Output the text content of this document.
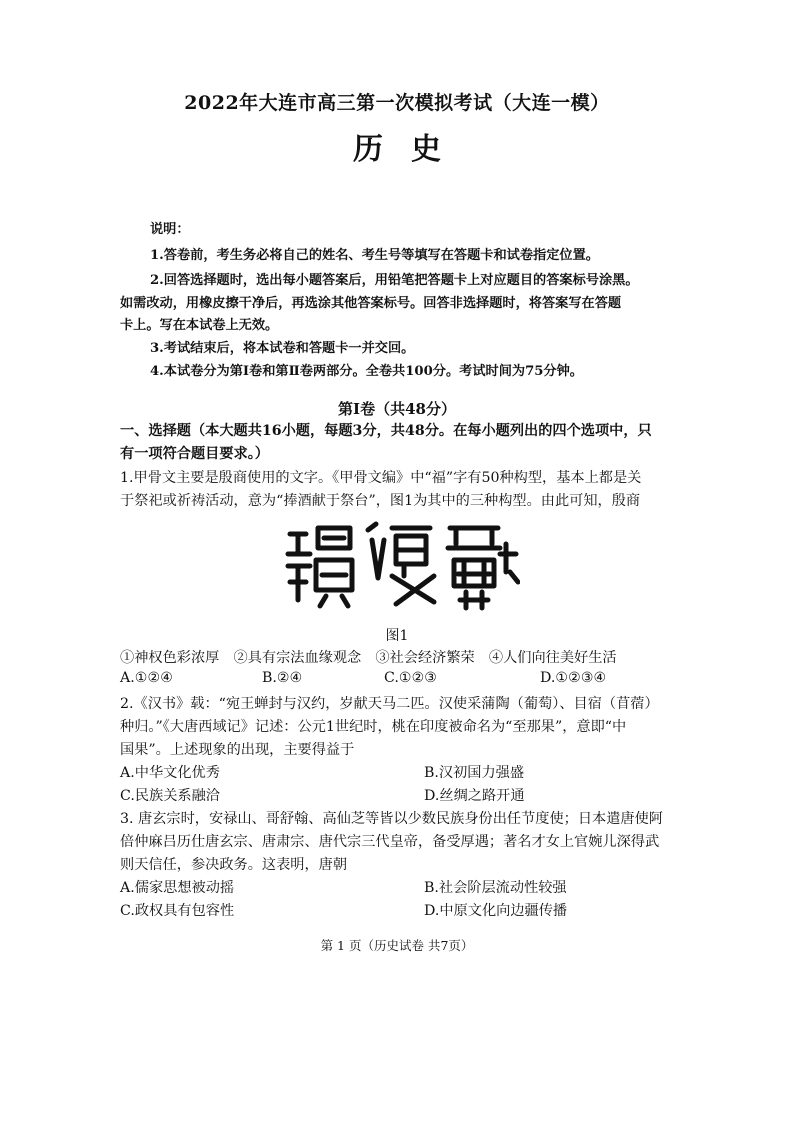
2022年大连市高三第一次模拟考试（大连一模）
历史
说明：
1.答卷前，考生务必将自己的姓名、考生号等填写在答题卡和试卷指定位置。
2.回答选择题时，选出每小题答案后，用铅笔把答题卡上对应题目的答案标号涂黑。
如需改动，用橡皮擦干净后，再选涂其他答案标号。回答非选择题时，将答案写在答题
卡上。写在本试卷上无效。
3.考试结束后，将本试卷和答题卡一并交回。
4.本试卷分为第Ⅰ卷和第Ⅱ卷两部分。全卷共100分。考试时间为75分钟。
第Ⅰ卷（共48分）
一、选择题（本大题共16小题，每题3分，共48分。在每小题列出的四个选项中，只
有一项符合题目要求。）
1.甲骨文主要是殷商使用的文字。《甲骨文编》中“福”字有50种构型，基本上都是关
于祭祀或祈祷活动，意为“捧酒献于祭台”，图1为其中的三种构型。由此可知，殷商
图1
①神权色彩浓厚　②具有宗法血缘观念　③社会经济繁荣　④人们向往美好生活
A.①②④	B.②④	C.①②③	D.①②③④
2.《汉书》载：“宛王蝉封与汉约，岁献天马二匹。汉使采蒲陶（葡萄）、目宿（苜蓿）
种归。”《大唐西域记》记述：公元1世纪时，桃在印度被命名为“至那果”，意即“中
国果”。上述现象的出现，主要得益于
A.中华文化优秀	B.汉初国力强盛
C.民族关系融洽	D.丝绸之路开通
3. 唐玄宗时，安禄山、哥舒翰、高仙芝等皆以少数民族身份出任节度使；日本遣唐使阿
倍仲麻吕历仕唐玄宗、唐肃宗、唐代宗三代皇帝，备受厚遇；著名才女上官婉儿深得武
则天信任，参决政务。这表明，唐朝
A.儒家思想被动摇	B.社会阶层流动性较强
C.政权具有包容性	D.中原文化向边疆传播
第 1 页（历史试卷 共7页）
